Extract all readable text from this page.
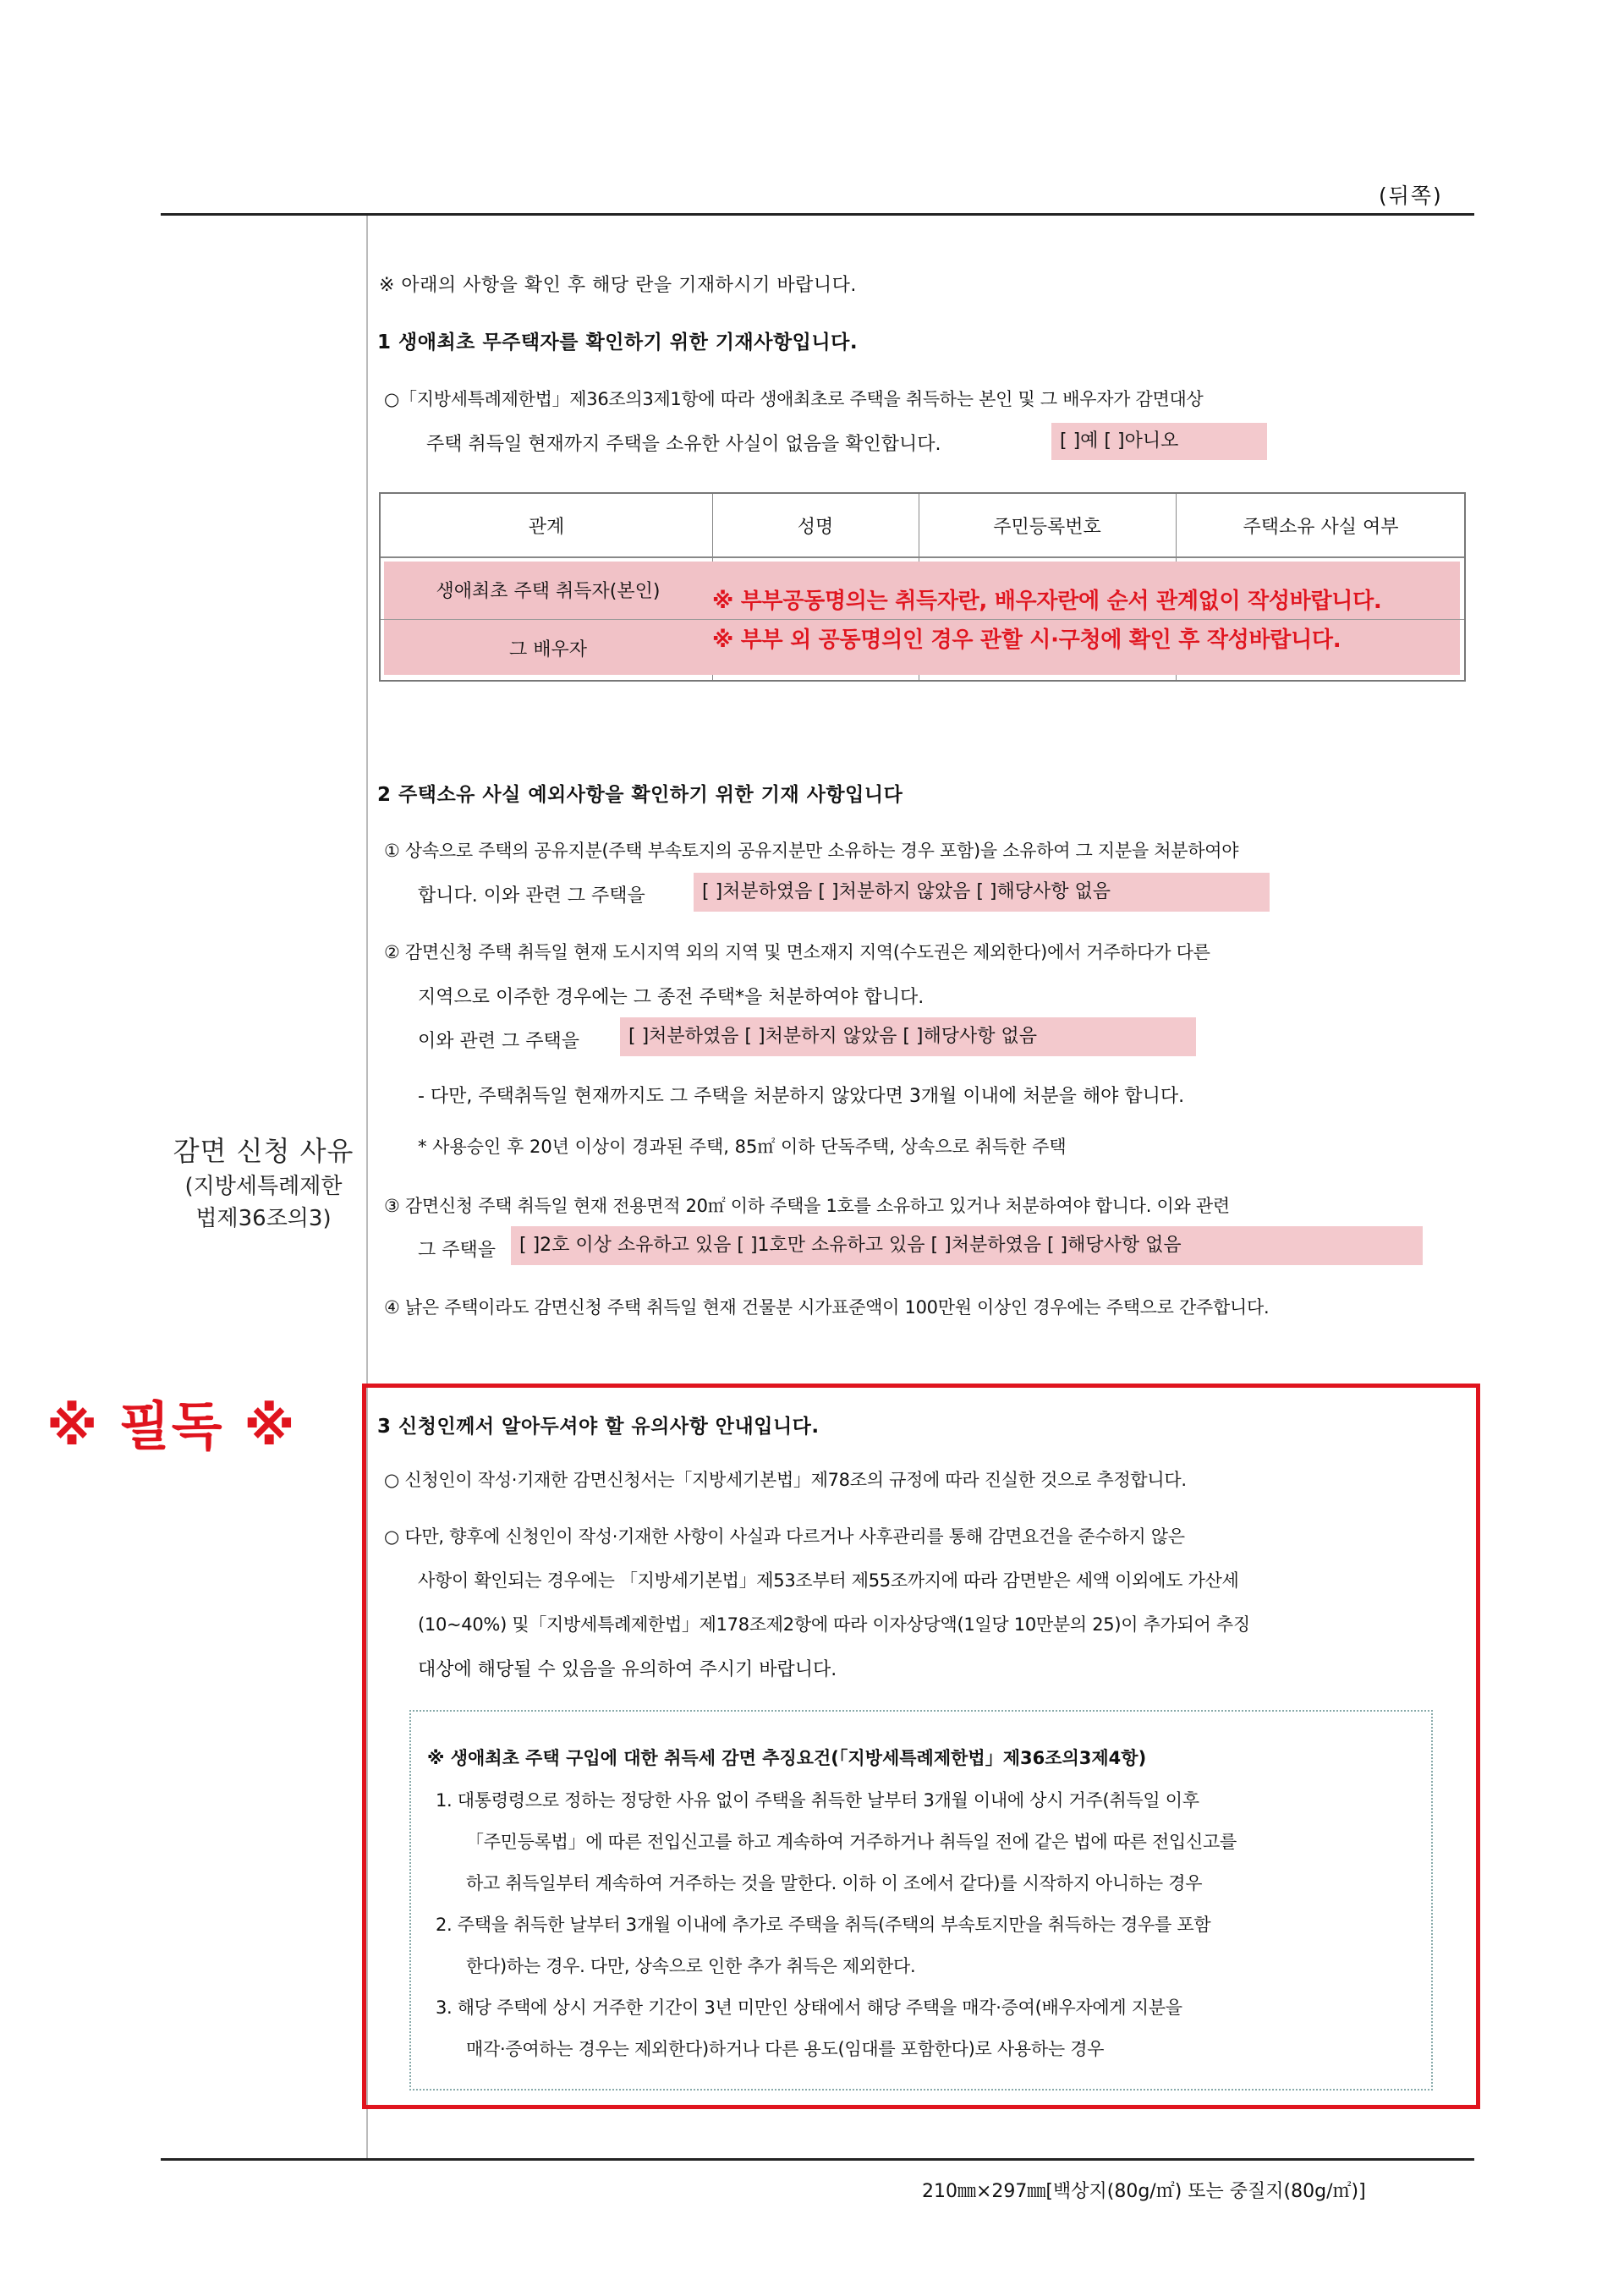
(뒤쪽)
감면 신청 사유
(지방세특례제한
법제36조의3)
※ 아래의 사항을 확인 후 해당 란을 기재하시기 바랍니다.
1 생애최초 무주택자를 확인하기 위한 기재사항입니다.
○「지방세특례제한법」제36조의3제1항에 따라 생애최초로 주택을 취득하는 본인 및 그 배우자가 감면대상
주택 취득일 현재까지 주택을 소유한 사실이 없음을 확인합니다.	[ ]예 [ ]아니오
관계	성명	주민등록번호	주택소유 사실 여부
생애최초 주택 취득자(본인)
그 배우자
※ 부부공동명의는 취득자란, 배우자란에 순서 관계없이 작성바랍니다.
※ 부부 외 공동명의인 경우 관할 시·구청에 확인 후 작성바랍니다.
2 주택소유 사실 예외사항을 확인하기 위한 기재 사항입니다
① 상속으로 주택의 공유지분(주택 부속토지의 공유지분만 소유하는 경우 포함)을 소유하여 그 지분을 처분하여야
합니다. 이와 관련 그 주택을	[ ]처분하였음 [ ]처분하지 않았음 [ ]해당사항 없음
② 감면신청 주택 취득일 현재 도시지역 외의 지역 및 면소재지 지역(수도권은 제외한다)에서 거주하다가 다른
지역으로 이주한 경우에는 그 종전 주택*을 처분하여야 합니다.
이와 관련 그 주택을	[ ]처분하였음 [ ]처분하지 않았음 [ ]해당사항 없음
- 다만, 주택취득일 현재까지도 그 주택을 처분하지 않았다면 3개월 이내에 처분을 해야 합니다.
* 사용승인 후 20년 이상이 경과된 주택, 85㎡ 이하 단독주택, 상속으로 취득한 주택
③ 감면신청 주택 취득일 현재 전용면적 20㎡ 이하 주택을 1호를 소유하고 있거나 처분하여야 합니다. 이와 관련
그 주택을	[ ]2호 이상 소유하고 있음 [ ]1호만 소유하고 있음 [ ]처분하였음 [ ]해당사항 없음
④ 낡은 주택이라도 감면신청 주택 취득일 현재 건물분 시가표준액이 100만원 이상인 경우에는 주택으로 간주합니다.
※ 필독 ※	3 신청인께서 알아두셔야 할 유의사항 안내입니다.
○ 신청인이 작성·기재한 감면신청서는「지방세기본법」제78조의 규정에 따라 진실한 것으로 추정합니다.
○ 다만, 향후에 신청인이 작성·기재한 사항이 사실과 다르거나 사후관리를 통해 감면요건을 준수하지 않은
사항이 확인되는 경우에는 「지방세기본법」제53조부터 제55조까지에 따라 감면받은 세액 이외에도 가산세
(10~40%) 및「지방세특례제한법」제178조제2항에 따라 이자상당액(1일당 10만분의 25)이 추가되어 추징
대상에 해당될 수 있음을 유의하여 주시기 바랍니다.
※ 생애최초 주택 구입에 대한 취득세 감면 추징요건(「지방세특례제한법」제36조의3제4항)
1. 대통령령으로 정하는 정당한 사유 없이 주택을 취득한 날부터 3개월 이내에 상시 거주(취득일 이후
「주민등록법」에 따른 전입신고를 하고 계속하여 거주하거나 취득일 전에 같은 법에 따른 전입신고를
하고 취득일부터 계속하여 거주하는 것을 말한다. 이하 이 조에서 같다)를 시작하지 아니하는 경우
2. 주택을 취득한 날부터 3개월 이내에 추가로 주택을 취득(주택의 부속토지만을 취득하는 경우를 포함
한다)하는 경우. 다만, 상속으로 인한 추가 취득은 제외한다.
3. 해당 주택에 상시 거주한 기간이 3년 미만인 상태에서 해당 주택을 매각·증여(배우자에게 지분을
매각·증여하는 경우는 제외한다)하거나 다른 용도(임대를 포함한다)로 사용하는 경우
210㎜×297㎜[백상지(80g/㎡) 또는 중질지(80g/㎡)]
